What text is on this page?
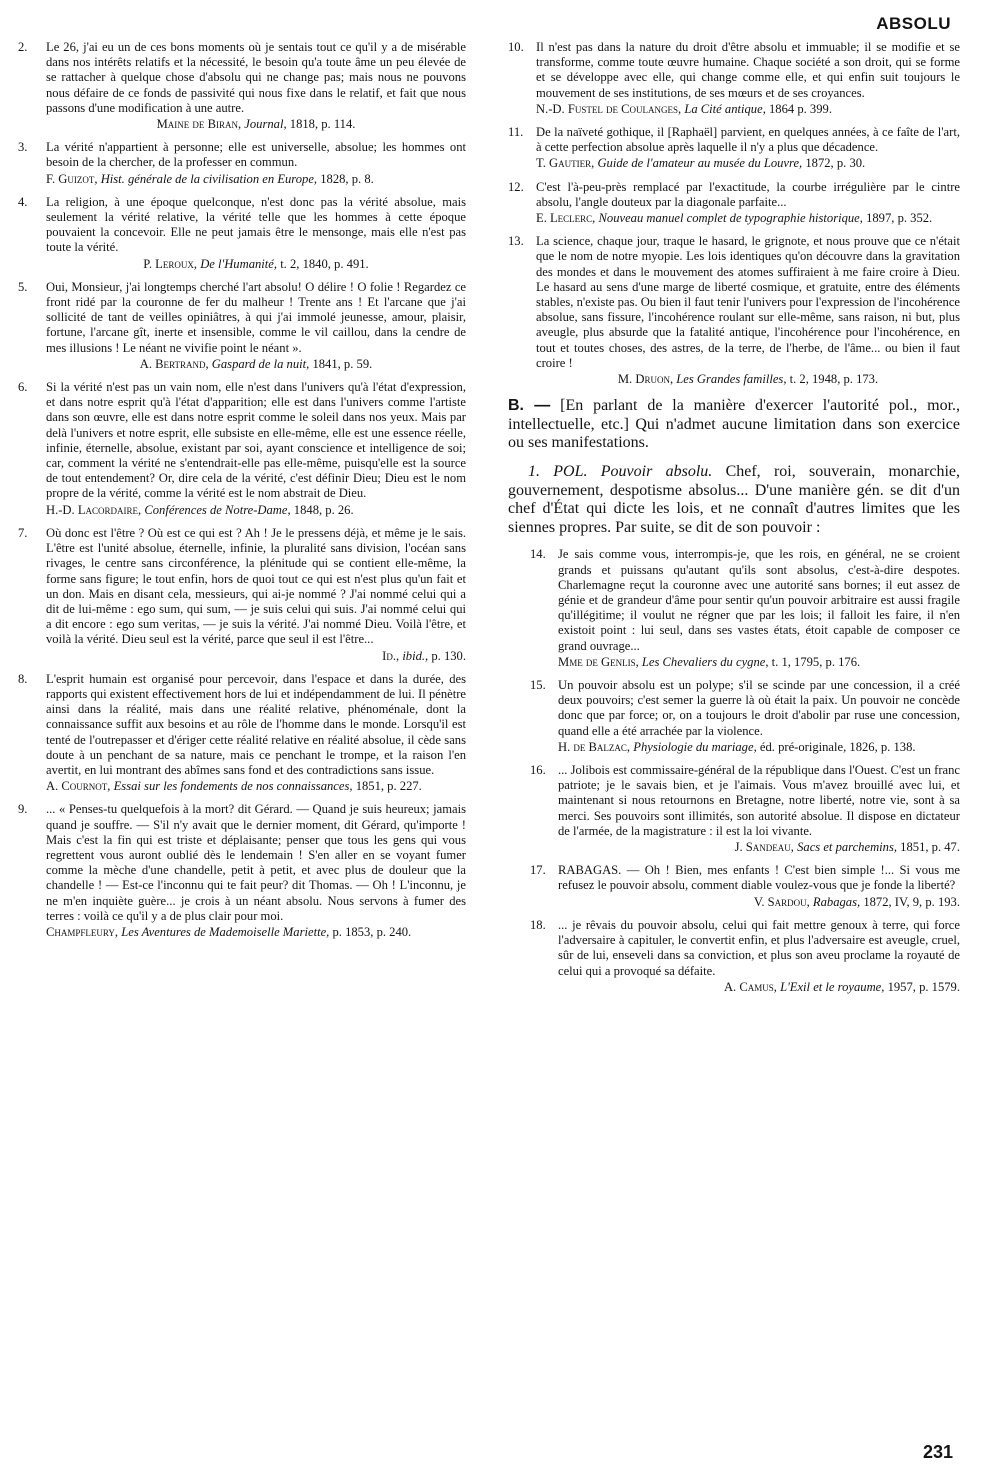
ABSOLU
2.	Le 26, j'ai eu un de ces bons moments où je sentais tout ce qu'il y a de misérable dans nos intérêts relatifs et la nécessité, le besoin qu'a toute âme un peu élevée de se rattacher à quelque chose d'absolu qui ne change pas; mais nous ne pouvons nous défaire de ce fonds de passivité qui nous fixe dans le relatif, et fait que nous passons d'une modification à une autre.
Maine de Biran, Journal, 1818, p. 114.
3.	La vérité n'appartient à personne; elle est universelle, absolue; les hommes ont besoin de la chercher, de la professer en commun.
F. Guizot, Hist. générale de la civilisation en Europe, 1828, p. 8.
4.	La religion, à une époque quelconque, n'est donc pas la vérité absolue, mais seulement la vérité relative, la vérité telle que les hommes à cette époque pouvaient la concevoir. Elle ne peut jamais être le mensonge, mais elle n'est pas toute la vérité.
P. Leroux, De l'Humanité, t. 2, 1840, p. 491.
5.	Oui, Monsieur, j'ai longtemps cherché l'art absolu! O délire ! O folie ! Regardez ce front ridé par la couronne de fer du malheur ! Trente ans ! Et l'arcane que j'ai sollicité de tant de veilles opiniâtres, à qui j'ai immolé jeunesse, amour, plaisir, fortune, l'arcane gît, inerte et insensible, comme le vil caillou, dans la cendre de mes illusions ! Le néant ne vivifie point le néant ».
A. Bertrand, Gaspard de la nuit, 1841, p. 59.
6.	Si la vérité n'est pas un vain nom, elle n'est dans l'univers qu'à l'état d'expression, et dans notre esprit qu'à l'état d'apparition; elle est dans l'univers comme l'artiste dans son œuvre, elle est dans notre esprit comme le soleil dans nos yeux. Mais par delà l'univers et notre esprit, elle subsiste en elle-même, elle est une essence réelle, infinie, éternelle, absolue, existant par soi, ayant conscience et intelligence de soi; car, comment la vérité ne s'entendrait-elle pas elle-même, puisqu'elle est la source de tout entendement? Or, dire cela de la vérité, c'est définir Dieu; Dieu est le nom propre de la vérité, comme la vérité est le nom abstrait de Dieu.
H.-D. Lacordaire, Conférences de Notre-Dame, 1848, p. 26.
7.	Où donc est l'être ? Où est ce qui est ? Ah ! Je le pressens déjà, et même je le sais. L'être est l'unité absolue, éternelle, infinie, la pluralité sans division, l'océan sans rivages, le centre sans circonférence, la plénitude qui se contient elle-même, la forme sans figure; le tout enfin, hors de quoi tout ce qui est n'est plus qu'un fait et un don. Mais en disant cela, messieurs, qui ai-je nommé ? J'ai nommé celui qui a dit de lui-même : ego sum, qui sum, — je suis celui qui suis. J'ai nommé celui qui a dit encore : ego sum veritas, — je suis la vérité. J'ai nommé Dieu. Voilà l'être, et voilà la vérité. Dieu seul est la vérité, parce que seul il est l'être...
Id., ibid., p. 130.
8.	L'esprit humain est organisé pour percevoir, dans l'espace et dans la durée, des rapports qui existent effectivement hors de lui et indépendamment de lui. Il pénètre ainsi dans la réalité, mais dans une réalité relative, phénoménale, dont la connaissance suffit aux besoins et au rôle de l'homme dans le monde. Lorsqu'il est tenté de l'outrepasser et d'ériger cette réalité relative en réalité absolue, il cède sans doute à un penchant de sa nature, mais ce penchant le trompe, et la raison l'en avertit, en lui montrant des abîmes sans fond et des contradictions sans issue.
A. Cournot, Essai sur les fondements de nos connaissances, 1851, p. 227.
9.	... « Penses-tu quelquefois à la mort? dit Gérard. — Quand je suis heureux; jamais quand je souffre. — S'il n'y avait que le dernier moment, dit Gérard, qu'importe ! Mais c'est la fin qui est triste et déplaisante; penser que tous les gens qui vous regrettent vous auront oublié dès le lendemain ! S'en aller en se voyant fumer comme la mèche d'une chandelle, petit à petit, et avec plus de douleur que la chandelle ! — Est-ce l'inconnu qui te fait peur? dit Thomas. — Oh ! L'inconnu, je ne m'en inquiète guère... je crois à un néant absolu. Nous servons à fumer des terres : voilà ce qu'il y a de plus clair pour moi.
Champfleury, Les Aventures de Mademoiselle Mariette, p. 1853, p. 240.
10. Il n'est pas dans la nature du droit d'être absolu et immuable; il se modifie et se transforme, comme toute œuvre humaine. Chaque société a son droit, qui se forme et se développe avec elle, qui change comme elle, et qui enfin suit toujours le mouvement de ses institutions, de ses mœurs et de ses croyances.
N.-D. Fustel de Coulanges, La Cité antique, 1864 p. 399.
11.	De la naïveté gothique, il [Raphaël] parvient, en quelques années, à ce faîte de l'art, à cette perfection absolue après laquelle il n'y a plus que décadence.
T. Gautier, Guide de l'amateur au musée du Louvre, 1872, p. 30.
12. C'est l'à-peu-près remplacé par l'exactitude, la courbe irrégulière par le cintre absolu, l'angle douteux par la diagonale parfaite...
E. Leclerc, Nouveau manuel complet de typographie historique, 1897, p. 352.
13. La science, chaque jour, traque le hasard, le grignote, et nous prouve que ce n'était que le nom de notre myopie. Les lois identiques qu'on découvre dans la gravitation des mondes et dans le mouvement des atomes suffiraient à me faire croire à Dieu. Le hasard au sens d'une marge de liberté cosmique, et gratuite, entre des éléments stables, n'existe pas. Ou bien il faut tenir l'univers pour l'expression de l'incohérence absolue, sans fissure, l'incohérence roulant sur elle-même, sans raison, ni but, plus aveugle, plus absurde que la fatalité antique, l'incohérence pour l'incohérence, en tout et toutes choses, des astres, de la terre, de l'herbe, de l'âme... ou bien il faut croire !
M. Druon, Les Grandes familles, t. 2, 1948, p. 173.
B. — [En parlant de la manière d'exercer l'autorité pol., mor., intellectuelle, etc.] Qui n'admet aucune limitation dans son exercice ou ses manifestations.
1. POL. Pouvoir absolu. Chef, roi, souverain, monarchie, gouvernement, despotisme absolus... D'une manière gén. se dit d'un chef d'État qui dicte les lois, et ne connaît d'autres limites que les siennes propres. Par suite, se dit de son pouvoir :
14. Je sais comme vous, interrompis-je, que les rois, en général, ne se croient grands et puissans qu'autant qu'ils sont absolus, c'est-à-dire despotes. Charlemagne reçut la couronne avec une autorité sans bornes; il eut assez de génie et de grandeur d'âme pour sentir qu'un pouvoir arbitraire est aussi fragile qu'illégitime; il voulut ne régner que par les lois; il falloit les faire, il n'en existoit point : lui seul, dans ses vastes états, étoit capable de composer ce grand ouvrage...
Mme de Genlis, Les Chevaliers du cygne, t. 1, 1795, p. 176.
15. Un pouvoir absolu est un polype; s'il se scinde par une concession, il a créé deux pouvoirs; c'est semer la guerre là où était la paix. Un pouvoir ne concède donc que par force; or, on a toujours le droit d'abolir par ruse une concession, quand elle a été arrachée par la violence.
H. de Balzac, Physiologie du mariage, éd. pré-originale, 1826, p. 138.
16. ... Jolibois est commissaire-général de la république dans l'Ouest. C'est un franc patriote; je le savais bien, et je l'aimais. Vous m'avez brouillé avec lui, et maintenant si nous retournons en Bretagne, notre liberté, notre vie, sont à sa merci. Ses pouvoirs sont illimités, son autorité absolue. Il dispose en dictateur de l'armée, de la magistrature : il est la loi vivante.
J. Sandeau, Sacs et parchemins, 1851, p. 47.
17. RABAGAS. — Oh ! Bien, mes enfants ! C'est bien simple !... Si vous me refusez le pouvoir absolu, comment diable voulez-vous que je fonde la liberté?
V. Sardou, Rabagas, 1872, IV, 9, p. 193.
18. ... je rêvais du pouvoir absolu, celui qui fait mettre genoux à terre, qui force l'adversaire à capituler, le convertit enfin, et plus l'adversaire est aveugle, cruel, sûr de lui, enseveli dans sa conviction, et plus son aveu proclame la royauté de celui qui a provoqué sa défaite.
A. Camus, L'Exil et le royaume, 1957, p. 1579.
231
